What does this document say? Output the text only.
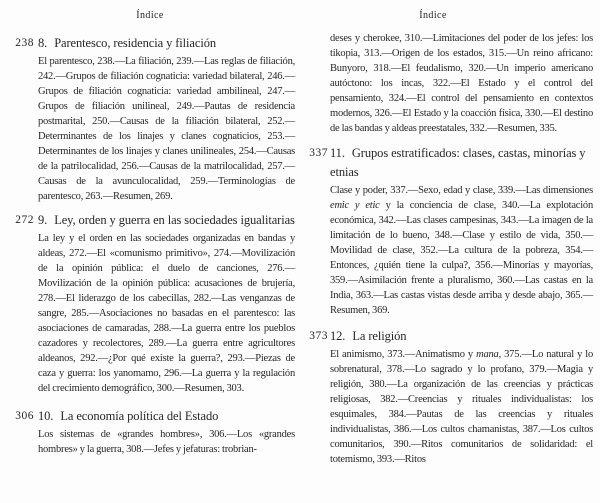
Índice
238 8. Parentesco, residencia y filiación

El parentesco, 238.—La filiación, 239.—Las reglas de filiación, 242.—Grupos de filiación cognaticia: variedad bilateral, 246.—Grupos de filiación cognaticia: variedad ambilineal, 247.—Grupos de filiación unilineal, 249.—Pautas de residencia postmarital, 250.—Causas de la filiación bilateral, 252.—Determinantes de los linajes y clanes cognaticios, 253.—Determinantes de los linajes y clanes unilineales, 254.—Causas de la patrilocalidad, 256.—Causas de la matrilocalidad, 257.—Causas de la avunculocalidad, 259.—Terminologías de parentesco, 263.—Resumen, 269.

272 9. Ley, orden y guerra en las sociedades igualitarias

La ley y el orden en las sociedades organizadas en bandas y aldeas, 272.—El «comunismo primitivo», 274.—Movilización de la opinión pública: el duelo de canciones, 276.—Movilización de la opinión pública: acusaciones de brujería, 278.—El liderazgo de los cabecillas, 282.—Las venganzas de sangre, 285.—Asociaciones no basadas en el parentesco: las asociaciones de camaradas, 288.—La guerra entre los pueblos cazadores y recolectores, 289.—La guerra entre agricultores aldeanos, 292.—¿Por qué existe la guerra?, 293.—Piezas de caza y guerra: los yanomamo, 296.—La guerra y la regulación del crecimiento demográfico, 300.—Resumen, 303.

306 10. La economía política del Estado

Los sistemas de «grandes hombres», 306.—Los «grandes hombres» y la guerra, 308.—Jefes y jefaturas: trobrian-

Índice

deses y cherokee, 310.—Limitaciones del poder de los jefes: los tikopia, 313.—Origen de los estados, 315.—Un reino africano: Bunyoro, 318.—El feudalismo, 320.—Un imperio americano autóctono: los incas, 322.—El Estado y el control del pensamiento, 324.—El control del pensamiento en contextos modernos, 326.—El Estado y la coacción física, 330.—El destino de las bandas y aldeas preestatales, 332.—Resumen, 335.

337 11. Grupos estratificados: clases, castas, minorías y etnias

Clase y poder, 337.—Sexo, edad y clase, 339.—Las dimensiones emic y etic y la conciencia de clase, 340.—La explotación económica, 342.—Las clases campesinas, 343.—La imagen de la limitación de lo bueno, 348.—Clase y estilo de vida, 350.—Movilidad de clase, 352.—La cultura de la pobreza, 354.—Entonces, ¿quién tiene la culpa?, 356.—Minorías y mayorías, 359.—Asimilación frente a pluralismo, 360.—Las castas en la India, 363.—Las castas vistas desde arriba y desde abajo, 365.—Resumen, 369.

373 12. La religión

El animismo, 373.—Animatismo y mana, 375.—Lo natural y lo sobrenatural, 378.—Lo sagrado y lo profano, 379.—Magia y religión, 380.—La organización de las creencias y prácticas religiosas, 382.—Creencias y rituales individualistas: los esquimales, 384.—Pautas de las creencias y rituales individualistas, 386.—Los cultos chamanistas, 387.—Los cultos comunitarios, 390.—Ritos comunitarios de solidaridad: el totemismo, 393.—Ritos
